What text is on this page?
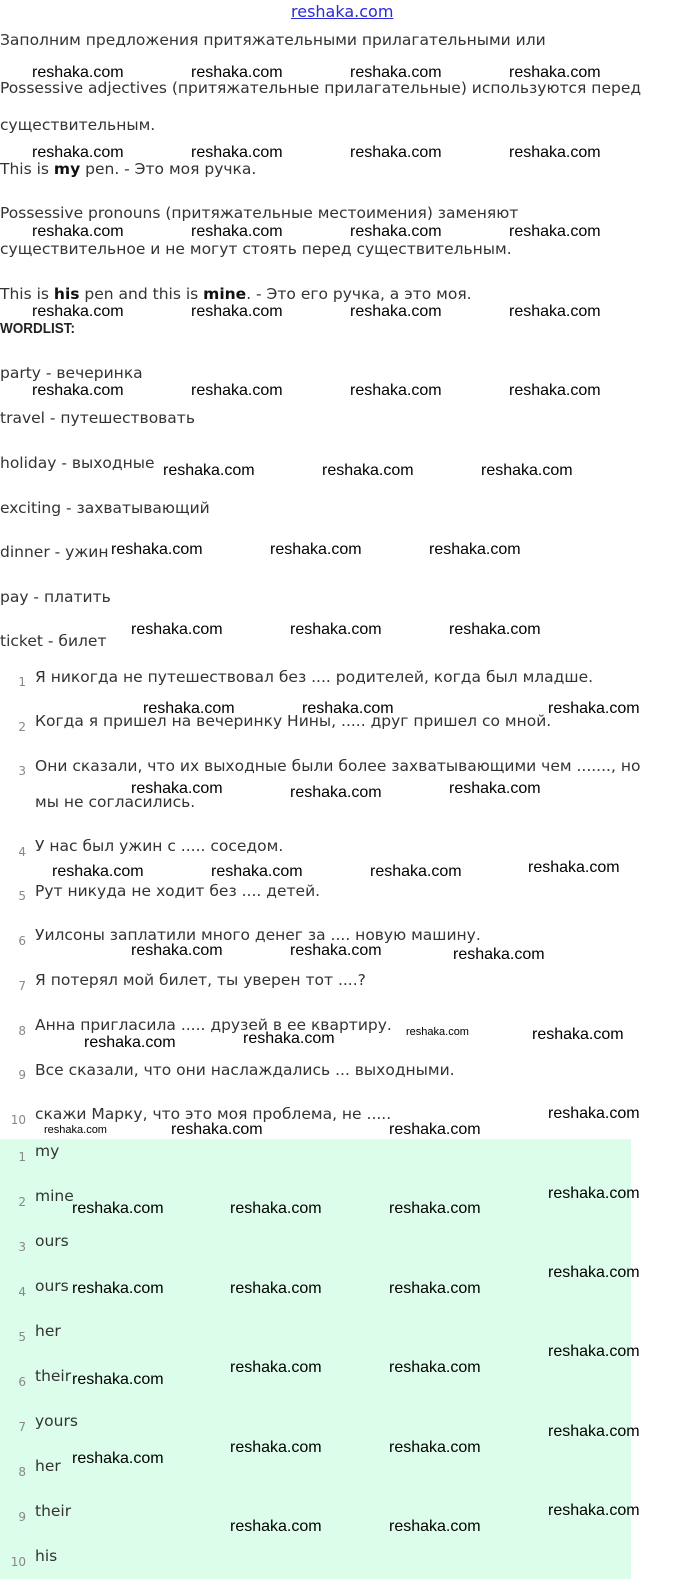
reshaka.com
Заполним предложения притяжательными прилагательными или
Possessive adjectives (притяжательные прилагательные) используются перед
существительным.
This is my pen. - Это моя ручка.
Possessive pronouns (притяжательные местоимения) заменяют
существительное и не могут стоять перед существительным.
This is his pen and this is mine. - Это его ручка, а это моя.
WORDLIST:
party - вечеринка
travel - путешествовать
holiday - выходные
exciting - захватывающий
dinner - ужин
pay - платить
ticket - билет
1 Я никогда не путешествовал без .... родителей, когда был младше.
2 Когда я пришел на вечеринку Нины, ..... друг пришел со мной.
3 Они сказали, что их выходные были более захватывающими чем ......., но
мы не согласились.
4 У нас был ужин с ..... соседом.
5 Рут никуда не ходит без .... детей.
6 Уилсоны заплатили много денег за .... новую машину.
7 Я потерял мой билет, ты уверен тот ....?
8 Анна пригласила ..... друзей в ее квартиру.
9 Все сказали, что они наслаждались ... выходными.
10 скажи Марку, что это моя проблема, не .....
1 my
2 mine
3 ours
4 ours
5 her
6 their
7 yours
8 her
9 their
10 his
reshaka.com	reshaka.com	reshaka.com	reshaka.com
reshaka.com	reshaka.com	reshaka.com	reshaka.com
reshaka.com	reshaka.com	reshaka.com	reshaka.com
reshaka.com	reshaka.com	reshaka.com	reshaka.com
reshaka.com	reshaka.com	reshaka.com	reshaka.com
reshaka.com	reshaka.com	reshaka.com
reshaka.com	reshaka.com	reshaka.com
reshaka.com	reshaka.com	reshaka.com
reshaka.com	reshaka.com	reshaka.com
reshaka.com	reshaka.com	reshaka.com
reshaka.com	reshaka.com	reshaka.com	reshaka.com
reshaka.com	reshaka.com	reshaka.com
reshaka.com	reshaka.com	reshaka.com	reshaka.com
reshaka.com	reshaka.com	reshaka.com
reshaka.com
reshaka.com	reshaka.com	reshaka.com
reshaka.com
reshaka.com	reshaka.com	reshaka.com
reshaka.com
reshaka.com
reshaka.com	reshaka.com
reshaka.com
reshaka.com
reshaka.com	reshaka.com
reshaka.com
reshaka.com	reshaka.com
reshaka.com
